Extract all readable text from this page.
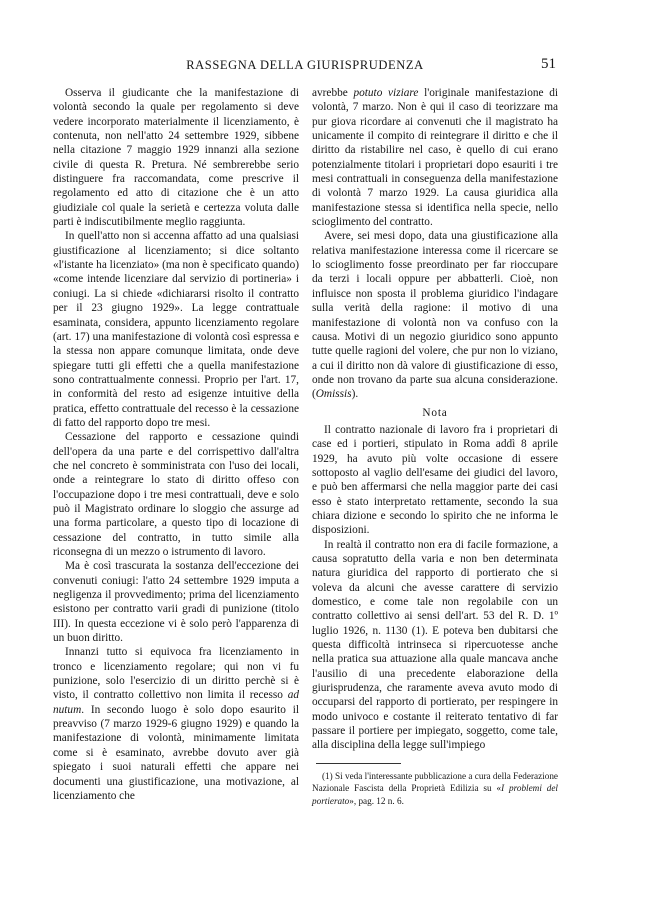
RASSEGNA DELLA GIURISPRUDENZA	51

Osserva il giudicante che la manifestazione di volontà secondo la quale per regolamento si deve vedere incorporato materialmente il licenziamento, è contenuta, non nell'atto 24 settembre 1929, sibbene nella citazione 7 maggio 1929 innanzi alla sezione civile di questa R. Pretura. Né sembrerebbe serio distinguere fra raccomandata, come prescrive il regolamento ed atto di citazione che è un atto giudiziale col quale la serietà e certezza voluta dalle parti è indiscutibilmente meglio raggiunta.

In quell'atto non si accenna affatto ad una qualsiasi giustificazione al licenziamento; si dice soltanto «l'istante ha licenziato» (ma non è specificato quando) «come intende licenziare dal servizio di portineria» i coniugi. La si chiede «dichiararsi risolto il contratto per il 23 giugno 1929». La legge contrattuale esaminata, considera, appunto licenziamento regolare (art. 17) una manifestazione di volontà così espressa e la stessa non appare comunque limitata, onde deve spiegare tutti gli effetti che a quella manifestazione sono contrattualmente connessi. Proprio per l'art. 17, in conformità del resto ad esigenze intuitive della pratica, effetto contrattuale del recesso è la cessazione di fatto del rapporto dopo tre mesi.

Cessazione del rapporto e cessazione quindi dell'opera da una parte e del corrispettivo dall'altra che nel concreto è somministrata con l'uso dei locali, onde a reintegrare lo stato di diritto offeso con l'occupazione dopo i tre mesi contrattuali, deve e solo può il Magistrato ordinare lo sloggio che assurge ad una forma particolare, a questo tipo di locazione di cessazione del contratto, in tutto simile alla riconsegna di un mezzo o istrumento di lavoro.

Ma è così trascurata la sostanza dell'eccezione dei convenuti coniugi: l'atto 24 settembre 1929 imputa a negligenza il provvedimento; prima del licenziamento esistono per contratto varii gradi di punizione (titolo III). In questa eccezione vi è solo però l'apparenza di un buon diritto.

Innanzi tutto si equivoca fra licenziamento in tronco e licenziamento regolare; qui non vi fu punizione, solo l'esercizio di un diritto perchè si è visto, il contratto collettivo non limita il recesso ad nutum. In secondo luogo è solo dopo esaurito il preavviso (7 marzo 1929-6 giugno 1929) e quando la manifestazione di volontà, minimamente limitata come si è esaminato, avrebbe dovuto aver già spiegato i suoi naturali effetti che appare nei documenti una giustificazione, una motivazione, al licenziamento che

avrebbe potuto viziare l'originale manifestazione di volontà, 7 marzo. Non è qui il caso di teorizzare ma pur giova ricordare ai convenuti che il magistrato ha unicamente il compito di reintegrare il diritto e che il diritto da ristabilire nel caso, è quello di cui erano potenzialmente titolari i proprietari dopo esauriti i tre mesi contrattuali in conseguenza della manifestazione di volontà 7 marzo 1929. La causa giuridica alla manifestazione stessa si identifica nella specie, nello scioglimento del contratto.

Avere, sei mesi dopo, data una giustificazione alla relativa manifestazione interessa come il ricercare se lo scioglimento fosse preordinato per far rioccupare da terzi i locali oppure per abbatterli. Cioè, non influisce non sposta il problema giuridico l'indagare sulla verità della ragione: il motivo di una manifestazione di volontà non va confuso con la causa. Motivi di un negozio giuridico sono appunto tutte quelle ragioni del volere, che pur non lo viziano, a cui il diritto non dà valore di giustificazione di esso, onde non trovano da parte sua alcuna considerazione. (Omissis).

Nota

Il contratto nazionale di lavoro fra i proprietari di case ed i portieri, stipulato in Roma addì 8 aprile 1929, ha avuto più volte occasione di essere sottoposto al vaglio dell'esame dei giudici del lavoro, e può ben affermarsi che nella maggior parte dei casi esso è stato interpretato rettamente, secondo la sua chiara dizione e secondo lo spirito che ne informa le disposizioni.

In realtà il contratto non era di facile formazione, a causa sopratutto della varia e non ben determinata natura giuridica del rapporto di portierato che si voleva da alcuni che avesse carattere di servizio domestico, e come tale non regolabile con un contratto collettivo ai sensi dell'art. 53 del R. D. 1º luglio 1926, n. 1130 (1). E poteva ben dubitarsi che questa difficoltà intrinseca si ripercuotesse anche nella pratica sua attuazione alla quale mancava anche l'ausilio di una precedente elaborazione della giurisprudenza, che raramente aveva avuto modo di occuparsi del rapporto di portierato, per respingere in modo univoco e costante il reiterato tentativo di far passare il portiere per impiegato, soggetto, come tale, alla disciplina della legge sull'impiego

(1) Si veda l'interessante pubblicazione a cura della Federazione Nazionale Fascista della Proprietà Edilizia su «I problemi del portierato», pag. 12 n. 6.
